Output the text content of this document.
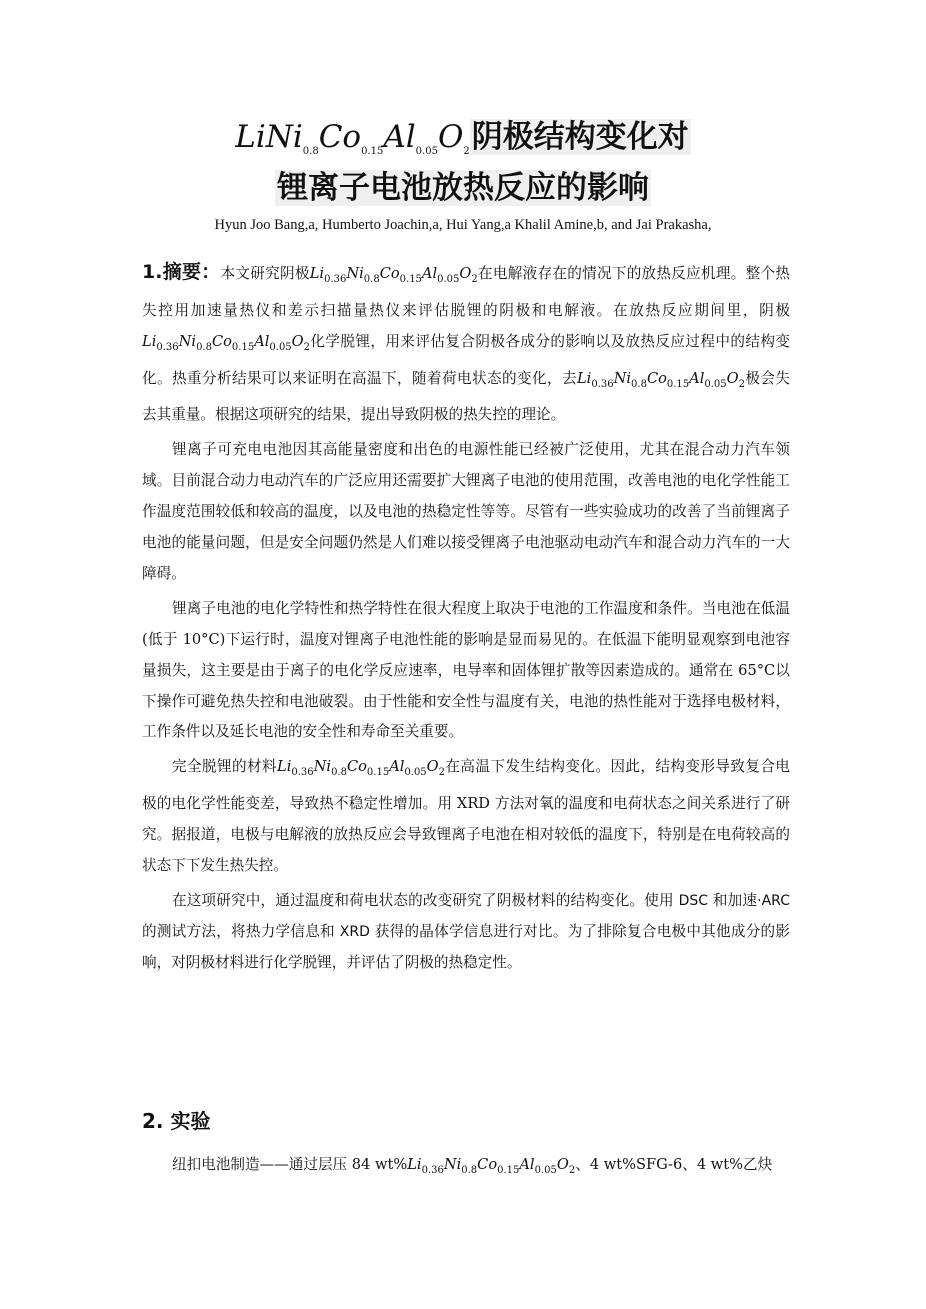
$LiNi_{0.8}Co_{0.15}Al_{0.05}O_2$阴极结构变化对
锂离子电池放热反应的影响
Hyun Joo Bang,a, Humberto Joachin,a, Hui Yang,a Khalil Amine,b, and Jai Prakasha,

1.摘要：本文研究阴极$Li_{0.36}Ni_{0.8}Co_{0.15}Al_{0.05}O_2$在电解液存在的情况下的放热反应机理。整个热失控用加速量热仪和差示扫描量热仪来评估脱锂的阴极和电解液。在放热反应期间里，阴极$Li_{0.36}Ni_{0.8}Co_{0.15}Al_{0.05}O_2$化学脱锂，用来评估复合阴极各成分的影响以及放热反应过程中的结构变化。热重分析结果可以来证明在高温下，随着荷电状态的变化，去$Li_{0.36}Ni_{0.8}Co_{0.15}Al_{0.05}O_2$极会失去其重量。根据这项研究的结果，提出导致阴极的热失控的理论。

锂离子可充电电池因其高能量密度和出色的电源性能已经被广泛使用，尤其在混合动力汽车领域。目前混合动力电动汽车的广泛应用还需要扩大锂离子电池的使用范围，改善电池的电化学性能工作温度范围较低和较高的温度，以及电池的热稳定性等等。尽管有一些实验成功的改善了当前锂离子电池的能量问题，但是安全问题仍然是人们难以接受锂离子电池驱动电动汽车和混合动力汽车的一大障碍。

锂离子电池的电化学特性和热学特性在很大程度上取决于电池的工作温度和条件。当电池在低温(低于 10°C)下运行时，温度对锂离子电池性能的影响是显而易见的。在低温下能明显观察到电池容量损失，这主要是由于离子的电化学反应速率，电导率和固体锂扩散等因素造成的。通常在 65°C以下操作可避免热失控和电池破裂。由于性能和安全性与温度有关，电池的热性能对于选择电极材料，工作条件以及延长电池的安全性和寿命至关重要。

完全脱锂的材料$Li_{0.36}Ni_{0.8}Co_{0.15}Al_{0.05}O_2$在高温下发生结构变化。因此，结构变形导致复合电极的电化学性能变差，导致热不稳定性增加。用 XRD 方法对氧的温度和电荷状态之间关系进行了研究。据报道，电极与电解液的放热反应会导致锂离子电池在相对较低的温度下，特别是在电荷较高的状态下下发生热失控。

在这项研究中，通过温度和荷电状态的改变研究了阴极材料的结构变化。使用 DSC 和加速·ARC 的测试方法，将热力学信息和 XRD 获得的晶体学信息进行对比。为了排除复合电极中其他成分的影响，对阴极材料进行化学脱锂，并评估了阴极的热稳定性。

2. 实验
纽扣电池制造——通过层压 84 $wt\%Li_{0.36}Ni_{0.8}Co_{0.15}Al_{0.05}O_2$、4 wt%SFG-6、4 wt%乙炔
